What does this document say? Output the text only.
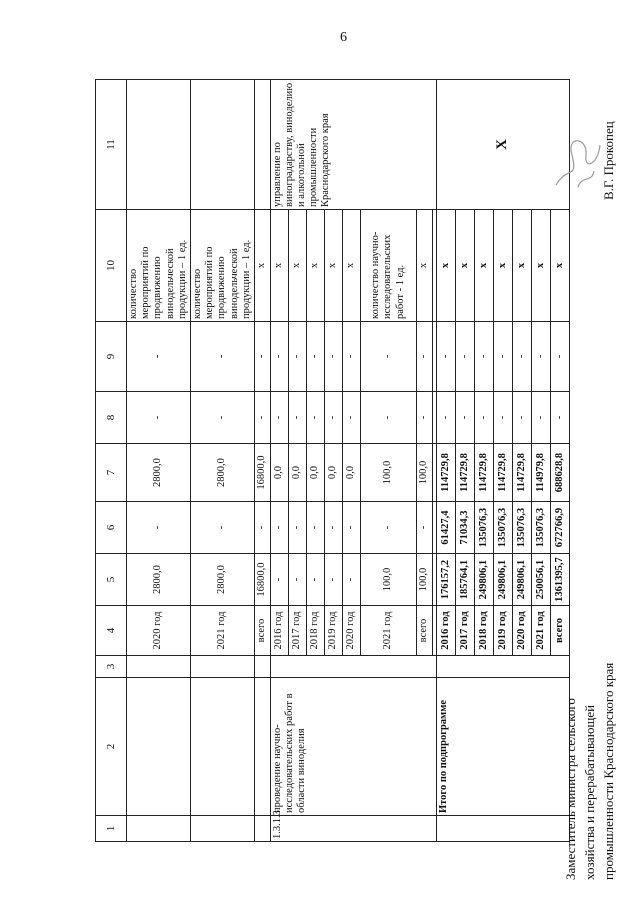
6
1	2	3	4	5	6	7	8	9	10	11	
			2020 год	2800,0	-	2800,0	-	-	количество мероприятий по продвижению винодельческой продукции – 1 ед.		
			2021 год	2800,0	-	2800,0	-	-	количество мероприятий по продвижению винодельческой продукции – 1 ед.		
			всего	16800,0	-	16800,0	-	-	х		
1.3.1.3	проведение научно-исследовательских работ в области виноделия		2016 год	-	-	0,0	-	-	х	управление по виноградарству, виноделию и алкогольной промышленности Краснодарского края	
			2017 год	-	-	0,0	-	-	х		
			2018 год	-	-	0,0	-	-	х		
			2019 год	-	-	0,0	-	-	х		
			2020 год	-	-	0,0	-	-	х		
			2021 год	100,0	-	100,0	-	-	количество научно-исследовательских работ - 1 ед.		
			всего	100,0	-	100,0	-	-	х		

	Итого по подпрограмме		2016 год	176157,2	61427,4	114729,8	-	-	х	Х	
			2017 год	185764,1	71034,3	114729,8	-	-	х		
			2018 год	249806,1	135076,3	114729,8	-	-	х		
			2019 год	249806,1	135076,3	114729,8	-	-	х		
			2020 год	249806,1	135076,3	114729,8	-	-	х		
			2021 год	250056,1	135076,3	114979,8	-	-	х		
			всего	1361395,7	672766,9	688628,8	-	-	х		
Заместитель министра сельского хозяйства и перерабатывающей промышленности Краснодарского края
В.Г. Прокопец
